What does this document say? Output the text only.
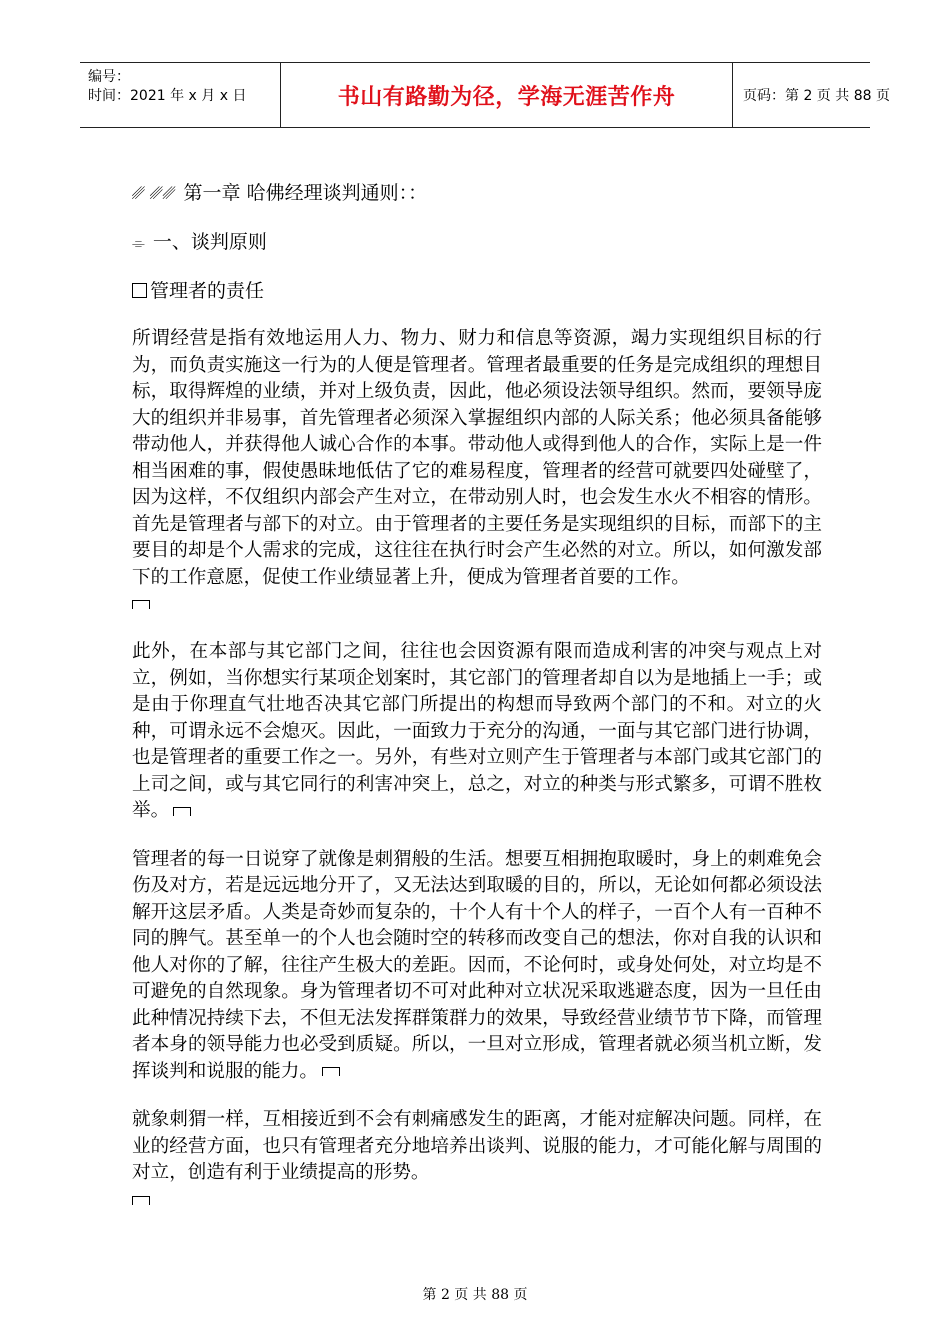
编号：
时间：2021 年 x 月 x 日	书山有路勤为径，学海无涯苦作舟	页码：第 2 页 共 88 页
␥ ␥␥ 第一章 哈佛经理谈判通则：：
⌯ 一、谈判原则
管理者的责任

所谓经营是指有效地运用人力、物力、财力和信息等资源，竭力实现组织目标的行为，而负责实施这一行为的人便是管理者。管理者最重要的任务是完成组织的理想目标，取得辉煌的业绩，并对上级负责，因此，他必须设法领导组织。然而，要领导庞大的组织并非易事，首先管理者必须深入掌握组织内部的人际关系；他必须具备能够带动他人，并获得他人诚心合作的本事。带动他人或得到他人的合作，实际上是一件相当困难的事，假使愚昧地低估了它的难易程度，管理者的经营可就要四处碰壁了，因为这样，不仅组织内部会产生对立，在带动别人时，也会发生水火不相容的情形。首先是管理者与部下的对立。由于管理者的主要任务是实现组织的目标，而部下的主要目的却是个人需求的完成，这往往在执行时会产生必然的对立。所以，如何激发部下的工作意愿，促使工作业绩显著上升，便成为管理者首要的工作。

此外，在本部与其它部门之间，往往也会因资源有限而造成利害的冲突与观点上对立，例如，当你想实行某项企划案时，其它部门的管理者却自以为是地插上一手；或是由于你理直气壮地否决其它部门所提出的构想而导致两个部门的不和。对立的火种，可谓永远不会熄灭。因此，一面致力于充分的沟通，一面与其它部门进行协调，也是管理者的重要工作之一。另外，有些对立则产生于管理者与本部门或其它部门的上司之间，或与其它同行的利害冲突上，总之，对立的种类与形式繁多，可谓不胜枚举。

管理者的每一日说穿了就像是刺猬般的生活。想要互相拥抱取暖时，身上的刺难免会伤及对方，若是远远地分开了，又无法达到取暖的目的，所以，无论如何都必须设法解开这层矛盾。人类是奇妙而复杂的，十个人有十个人的样子，一百个人有一百种不同的脾气。甚至单一的个人也会随时空的转移而改变自己的想法，你对自我的认识和他人对你的了解，往往产生极大的差距。因而，不论何时，或身处何处，对立均是不可避免的自然现象。身为管理者切不可对此种对立状况采取逃避态度，因为一旦任由此种情况持续下去，不但无法发挥群策群力的效果，导致经营业绩节节下降，而管理者本身的领导能力也必受到质疑。所以，一旦对立形成，管理者就必须当机立断，发挥谈判和说服的能力。

就象刺猬一样，互相接近到不会有刺痛感发生的距离，才能对症解决问题。同样，在业的经营方面，也只有管理者充分地培养出谈判、说服的能力，才可能化解与周围的对立，创造有利于业绩提高的形势。

第 2 页 共 88 页
